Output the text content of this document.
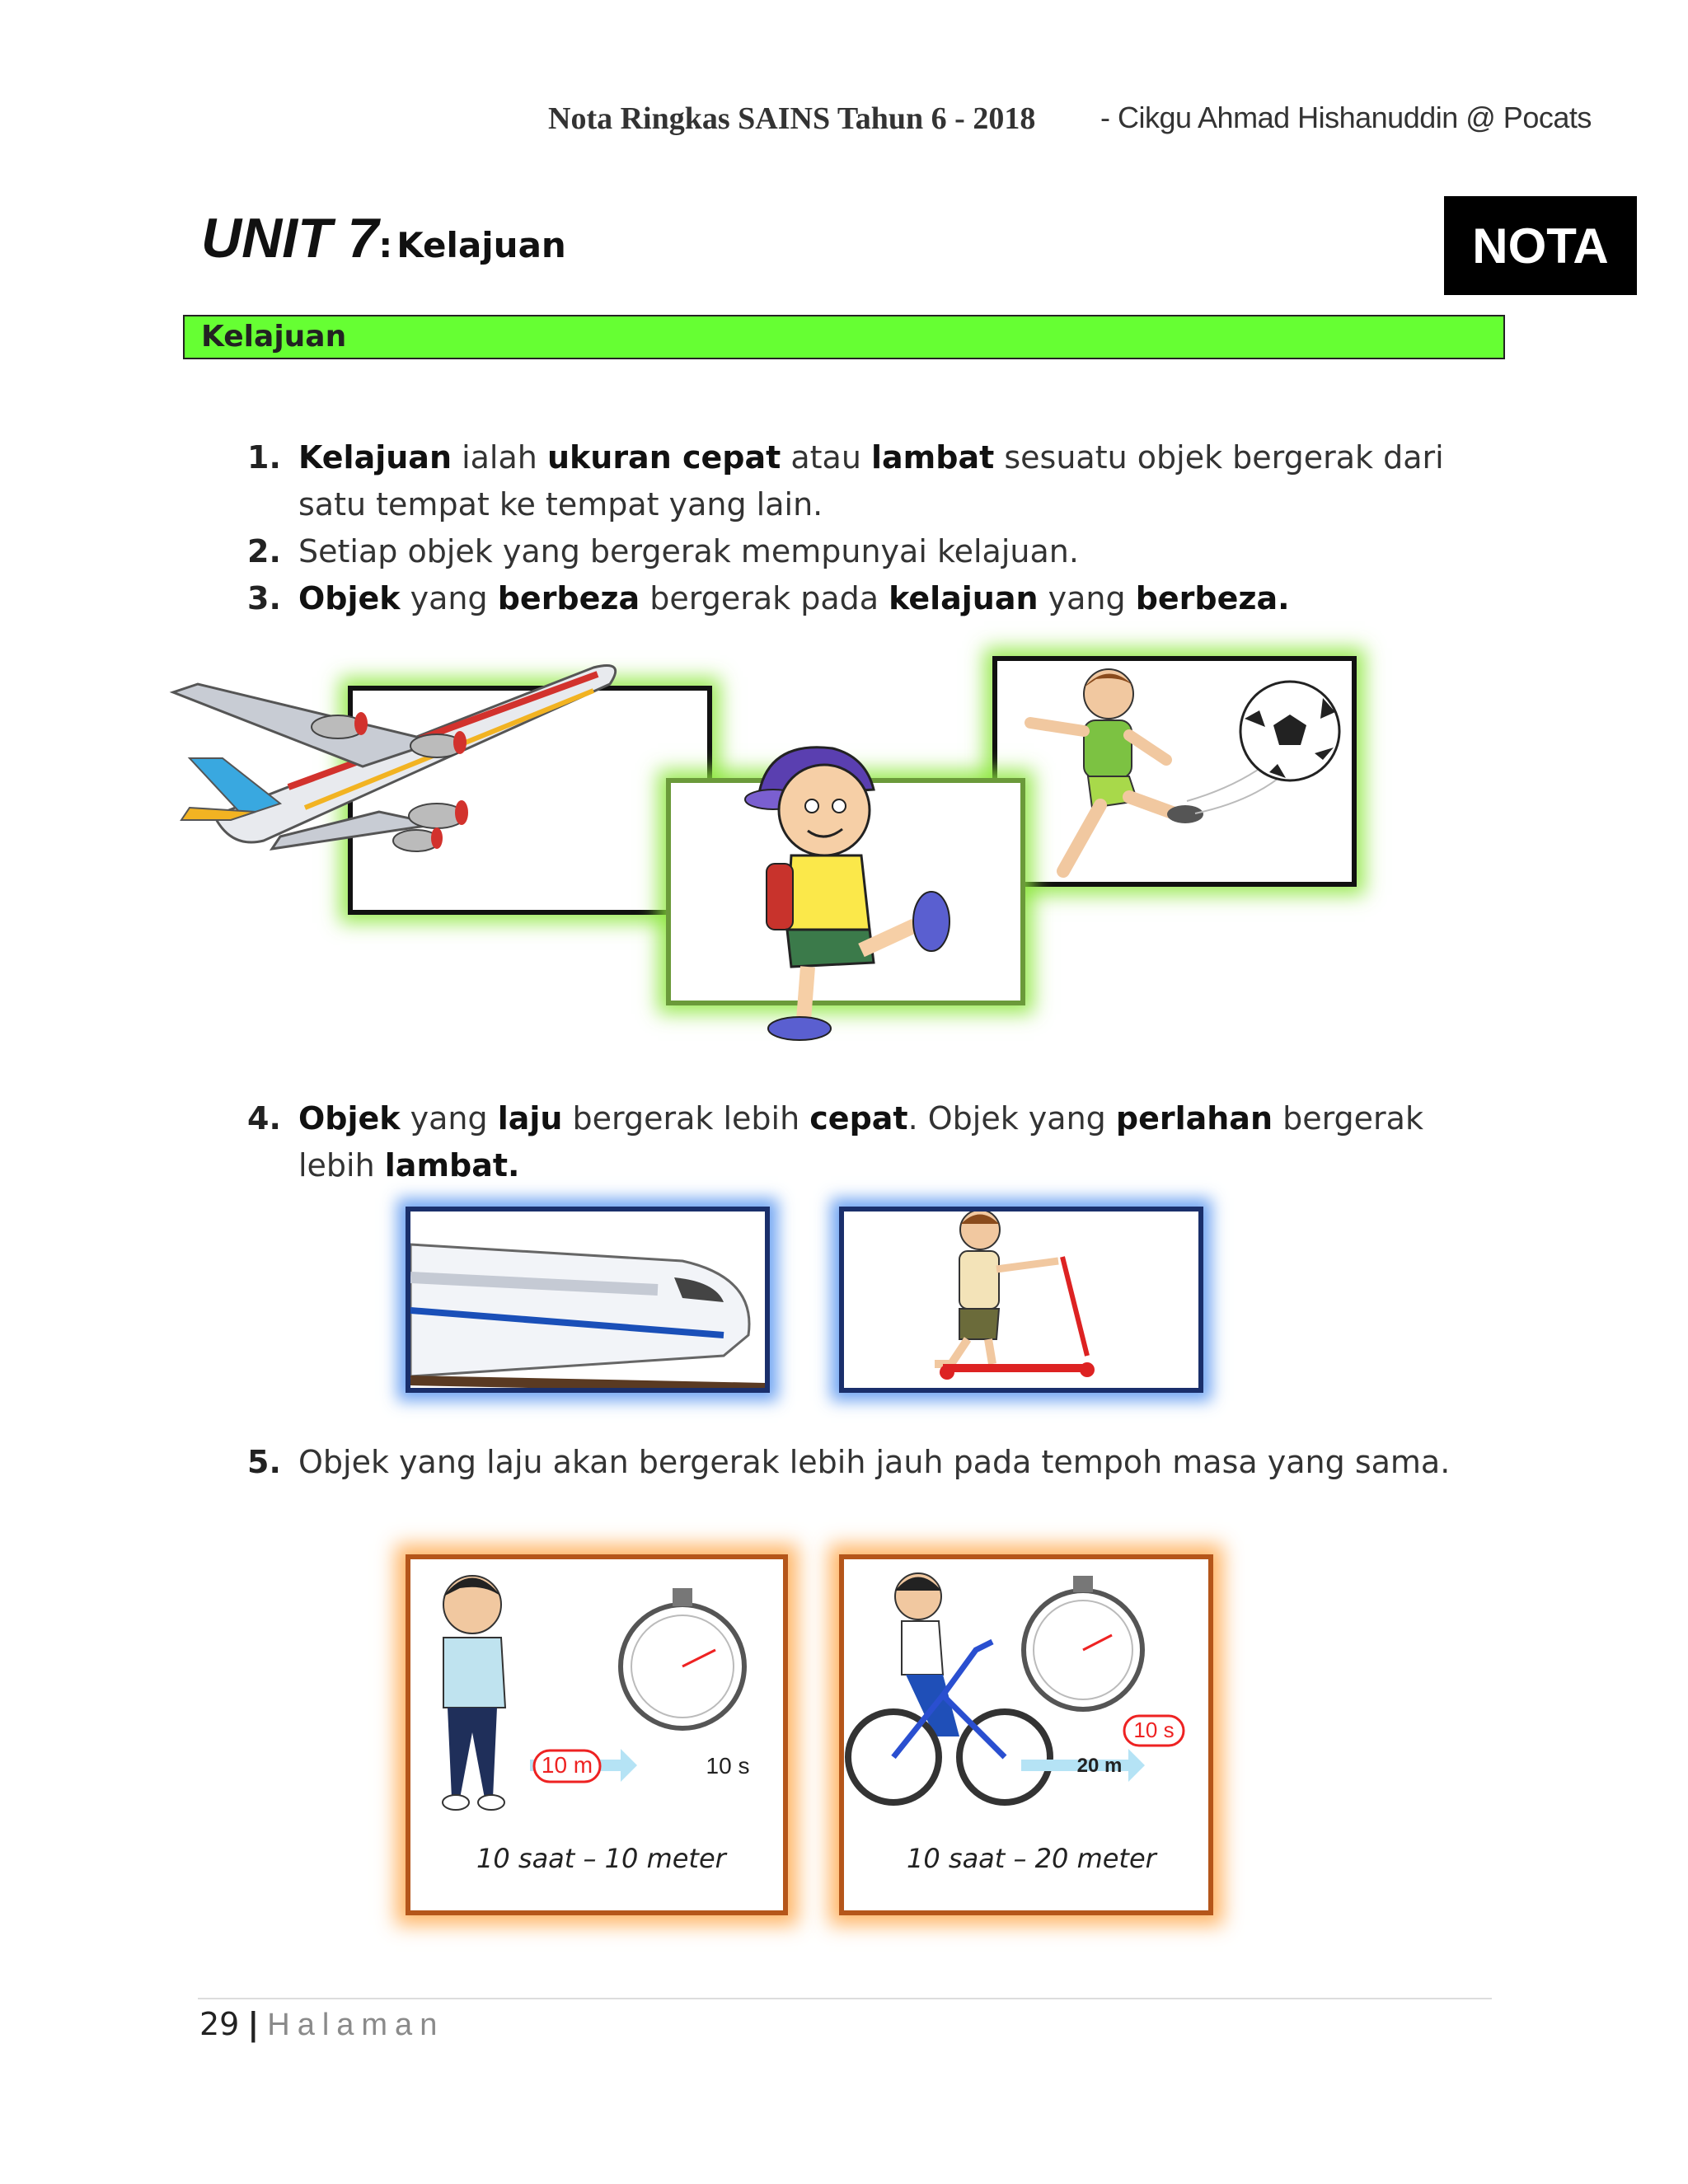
Nota Ringkas SAINS Tahun 6 - 2018 - Cikgu Ahmad Hishanuddin @ Pocats
UNIT 7: Kelajuan	NOTA
Kelajuan
1. Kelajuan ialah ukuran cepat atau lambat sesuatu objek bergerak dari satu tempat ke tempat yang lain.
2. Setiap objek yang bergerak mempunyai kelajuan.
3. Objek yang berbeza bergerak pada kelajuan yang berbeza.
4. Objek yang laju bergerak lebih cepat. Objek yang perlahan bergerak lebih lambat.
5. Objek yang laju akan bergerak lebih jauh pada tempoh masa yang sama.
10 m	10 s
10 saat – 10 meter
10 s
20 m
10 saat – 20 meter
29 | Halaman
